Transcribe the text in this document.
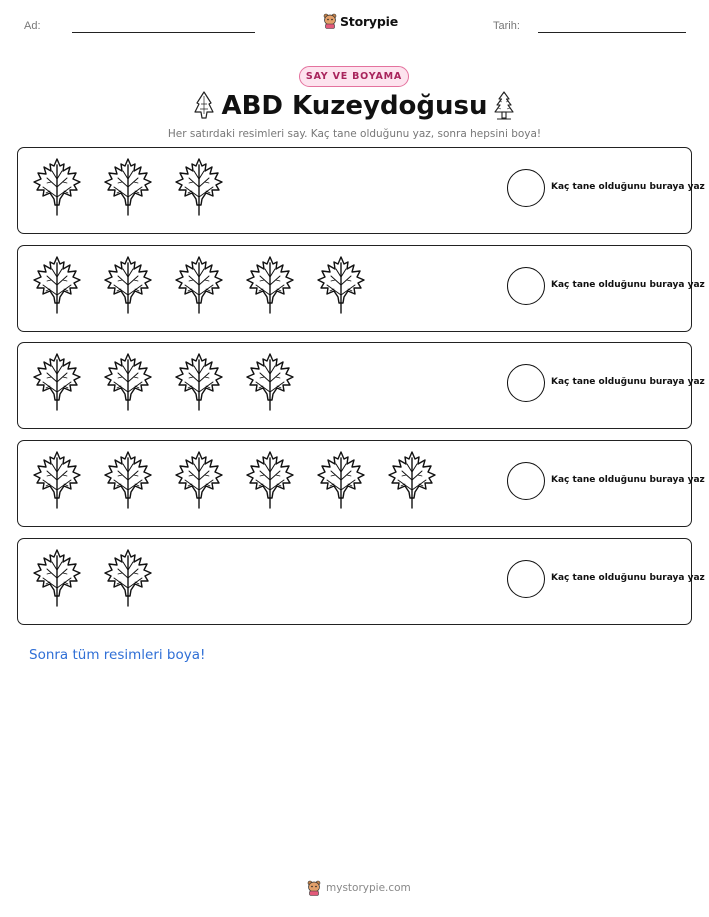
Ad:	Storypie	Tarih:
SAY VE BOYAMA
ABD Kuzeydoğusu
Her satırdaki resimleri say. Kaç tane olduğunu yaz, sonra hepsini boya!
Kaç tane olduğunu buraya yaz
Kaç tane olduğunu buraya yaz
Kaç tane olduğunu buraya yaz
Kaç tane olduğunu buraya yaz
Kaç tane olduğunu buraya yaz
Sonra tüm resimleri boya!
mystorypie.com
